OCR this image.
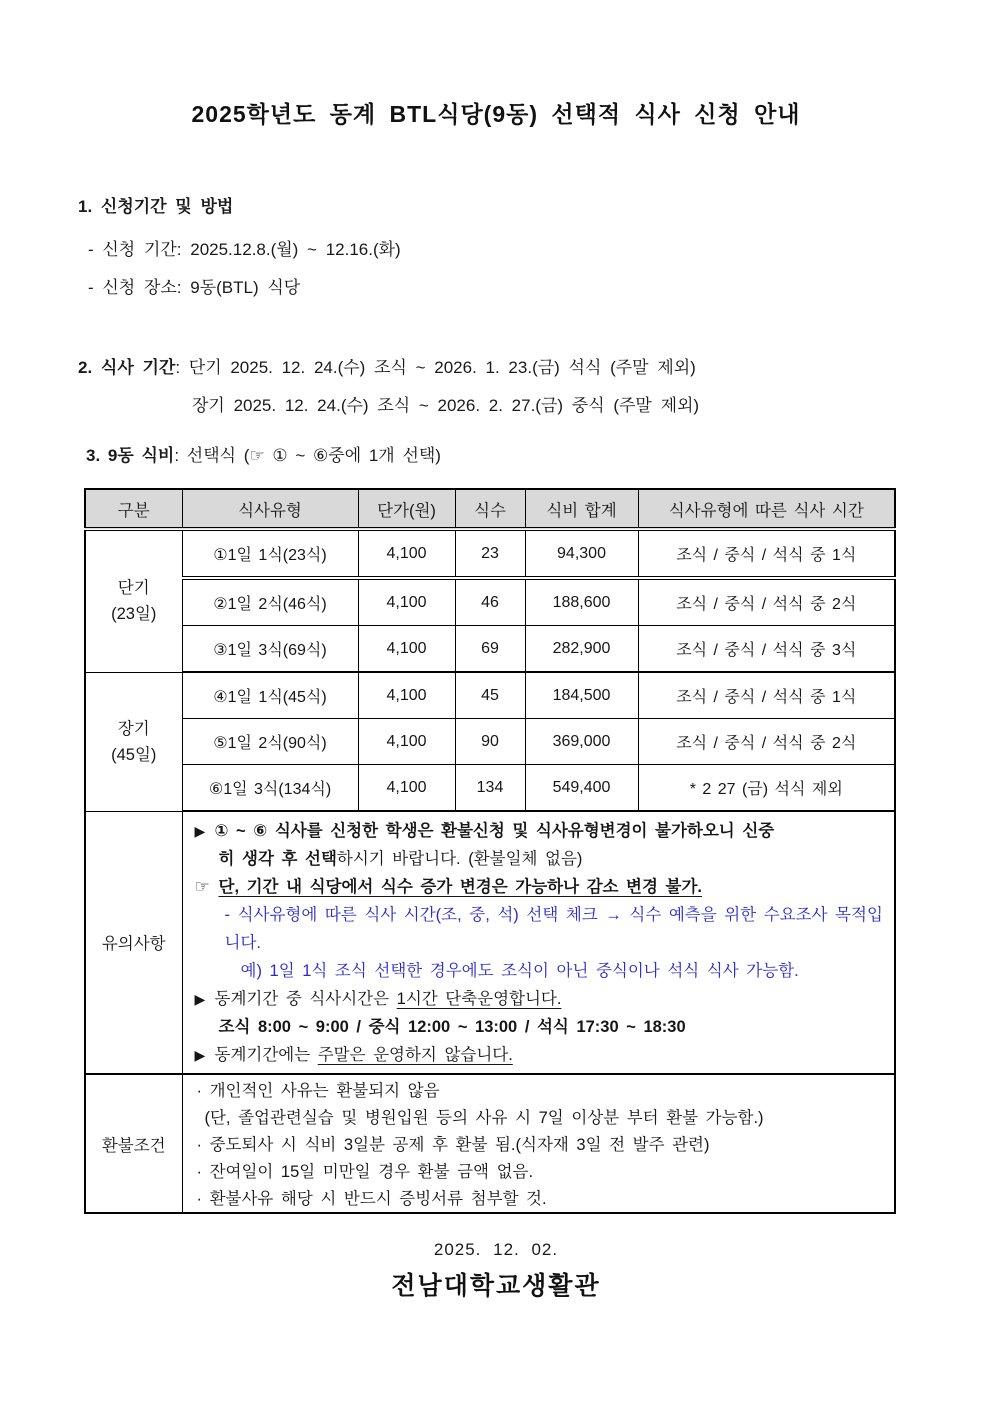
2025학년도 동계 BTL식당(9동) 선택적 식사 신청 안내

1. 신청기간 및 방법

- 신청 기간: 2025.12.8.(월) ~ 12.16.(화)

- 신청 장소: 9동(BTL) 식당

2. 식사 기간: 단기 2025. 12. 24.(수) 조식 ~ 2026. 1. 23.(금) 석식 (주말 제외)

장기 2025. 12. 24.(수) 조식 ~ 2026. 2. 27.(금) 중식 (주말 제외)

3. 9동 식비: 선택식 (☞ ① ~ ⑥중에 1개 선택)

구분	식사유형	단가(원)	식수	식비 합계	식사유형에 따른 식사 시간
단기
(23일)	①1일 1식(23식)	4,100	23	94,300	조식 / 중식 / 석식 중 1식
	②1일 2식(46식)	4,100	46	188,600	조식 / 중식 / 석식 중 2식
	③1일 3식(69식)	4,100	69	282,900	조식 / 중식 / 석식 중 3식
장기
(45일)	④1일 1식(45식)	4,100	45	184,500	조식 / 중식 / 석식 중 1식
	⑤1일 2식(90식)	4,100	90	369,000	조식 / 중식 / 석식 중 2식
	⑥1일 3식(134식)	4,100	134	549,400	* 2 27 (금) 석식 제외
유의사항	

▶ ① ~ ⑥ 식사를 신청한 학생은 환불신청 및 식사유형변경이 불가하오니 신중
히 생각 후 선택하시기 바랍니다. (환불일체 없음)

☞ 단, 기간 내 식당에서 식수 증가 변경은 가능하나 감소 변경 불가.

- 식사유형에 따른 식사 시간(조, 중, 석) 선택 체크 → 식수 예측을 위한 수요조사 목적입니다.

예) 1일 1식 조식 선택한 경우에도 조식이 아닌 중식이나 석식 식사 가능함.

▶ 동계기간 중 식사시간은 1시간 단축운영합니다.

조식 8:00 ~ 9:00 / 중식 12:00 ~ 13:00 / 석식 17:30 ~ 18:30

▶ 동계기간에는 주말은 운영하지 않습니다.

환불조건	· 개인적인 사유는 환불되지 않음

(단, 졸업관련실습 및 병원입원 등의 사유 시 7일 이상분 부터 환불 가능함.)

· 중도퇴사 시 식비 3일분 공제 후 환불 됨.(식자재 3일 전 발주 관련)

· 잔여일이 15일 미만일 경우 환불 금액 없음.

· 환불사유 해당 시 반드시 증빙서류 첨부할 것.				

2025. 12. 02.

전남대학교생활관
